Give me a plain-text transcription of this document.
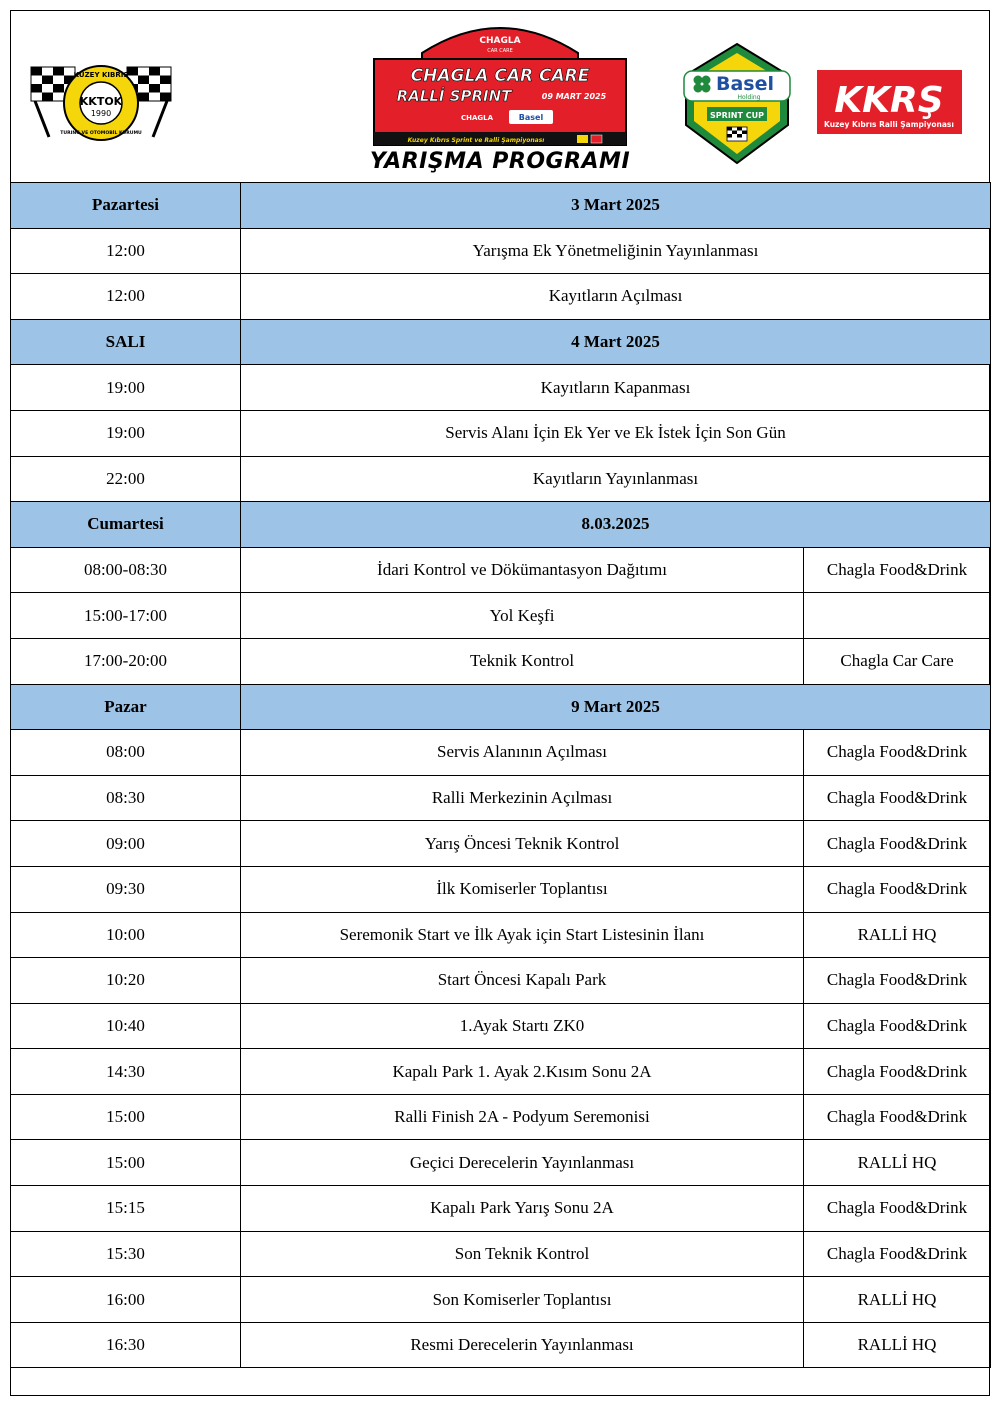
KUZEY KIBRIS
KKTOK
1990
TURING VE OTOMOBİL KURUMU
CHAGLA
CAR CARE
CHAGLA CAR CARE
RALLİ SPRINT	09 MART 2025
CHAGLA	Basel
Kuzey Kıbrıs Sprint ve Ralli Şampiyonası
Basel
Holding
SPRINT CUP KKRŞ
Kuzey Kıbrıs Ralli Şampiyonası
YARIŞMA PROGRAMI
Pazartesi	3 Mart 2025	
12:00	Yarışma Ek Yönetmeliğinin Yayınlanması	
12:00	Kayıtların Açılması	
SALI	4 Mart 2025	
19:00	Kayıtların Kapanması	
19:00	Servis Alanı İçin Ek Yer ve Ek İstek İçin Son Gün	
22:00	Kayıtların Yayınlanması	
Cumartesi	8.03.2025	
08:00-08:30	İdari Kontrol ve Dökümantasyon Dağıtımı	Chagla Food&Drink
15:00-17:00	Yol Keşfi	
17:00-20:00	Teknik Kontrol	Chagla Car Care
Pazar	9 Mart 2025	
08:00	Servis Alanının Açılması	Chagla Food&Drink
08:30	Ralli Merkezinin Açılması	Chagla Food&Drink
09:00	Yarış Öncesi Teknik Kontrol	Chagla Food&Drink
09:30	İlk Komiserler Toplantısı	Chagla Food&Drink
10:00	Seremonik Start ve İlk Ayak için Start Listesinin İlanı	RALLİ HQ
10:20	Start Öncesi Kapalı Park	Chagla Food&Drink
10:40	1.Ayak Startı ZK0	Chagla Food&Drink
14:30	Kapalı Park 1. Ayak 2.Kısım Sonu 2A	Chagla Food&Drink
15:00	Ralli Finish 2A - Podyum Seremonisi	Chagla Food&Drink
15:00	Geçici Derecelerin Yayınlanması	RALLİ HQ
15:15	Kapalı Park Yarış Sonu 2A	Chagla Food&Drink
15:30	Son Teknik Kontrol	Chagla Food&Drink
16:00	Son Komiserler Toplantısı	RALLİ HQ
16:30	Resmi Derecelerin Yayınlanması	RALLİ HQ
